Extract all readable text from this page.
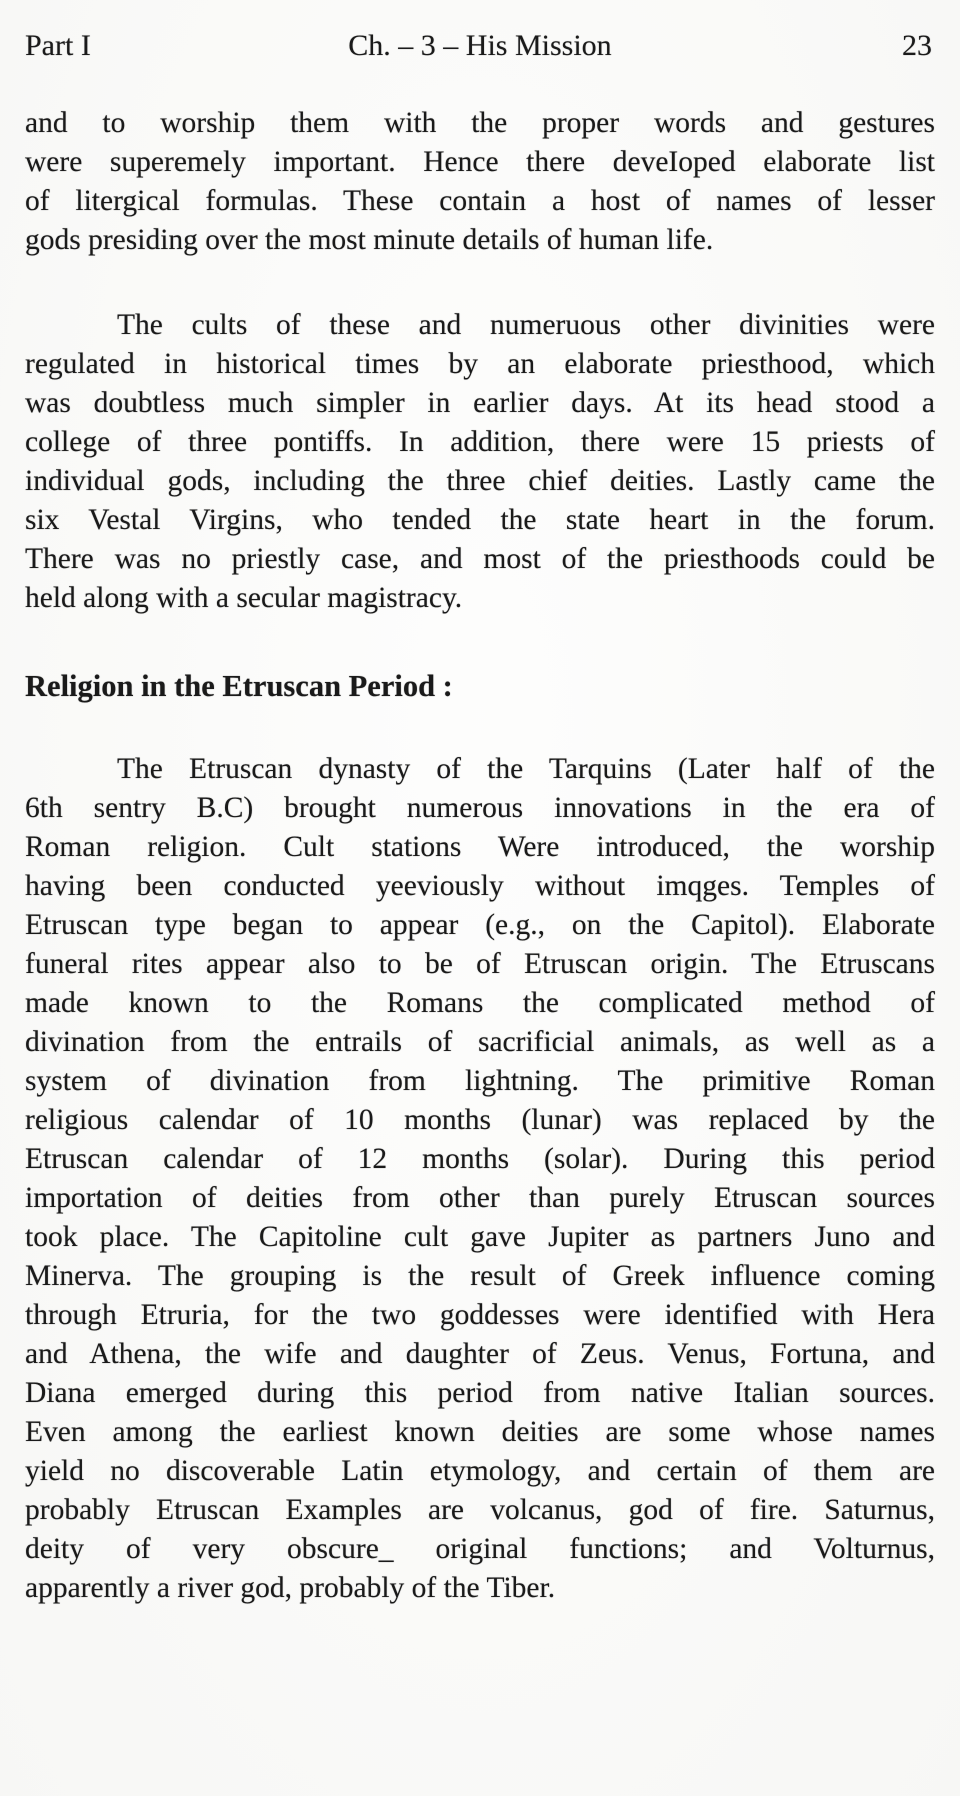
Part I	Ch. – 3 – His Mission	23
and to worship them with the proper words and gestures
were superemely important. Hence there deveIoped elaborate list
of litergical formulas. These contain a host of names of lesser
gods presiding over the most minute details of human life.
The cults of these and numeruous other divinities were
regulated in historical times by an elaborate priesthood, which
was doubtless much simpler in earlier days. At its head stood a
college of three pontiffs. In addition, there were 15 priests of
individual gods, including the three chief deities. Lastly came the
six Vestal Virgins, who tended the state heart in the forum.
There was no priestly case, and most of the priesthoods could be
held along with a secular magistracy.
Religion in the Etruscan Period :
The Etruscan dynasty of the Tarquins (Later half of the
6th sentry B.C) brought numerous innovations in the era of
Roman religion. Cult stations Were introduced, the worship
having been conducted yeeviously without imqges. Temples of
Etruscan type began to appear (e.g., on the Capitol). Elaborate
funeral rites appear also to be of Etruscan origin. The Etruscans
made known to the Romans the complicated method of
divination from the entrails of sacrificial animals, as well as a
system of divination from lightning. The primitive Roman
religious calendar of 10 months (lunar) was replaced by the
Etruscan calendar of 12 months (solar). During this period
importation of deities from other than purely Etruscan sources
took place. The Capitoline cult gave Jupiter as partners Juno and
Minerva. The grouping is the result of Greek influence coming
through Etruria, for the two goddesses were identified with Hera
and Athena, the wife and daughter of Zeus. Venus, Fortuna, and
Diana emerged during this period from native Italian sources.
Even among the earliest known deities are some whose names
yield no discoverable Latin etymology, and certain of them are
probably Etruscan Examples are volcanus, god of fire. Saturnus,
deity of very obscure_ original functions; and Volturnus,
apparently a river god, probably of the Tiber.
